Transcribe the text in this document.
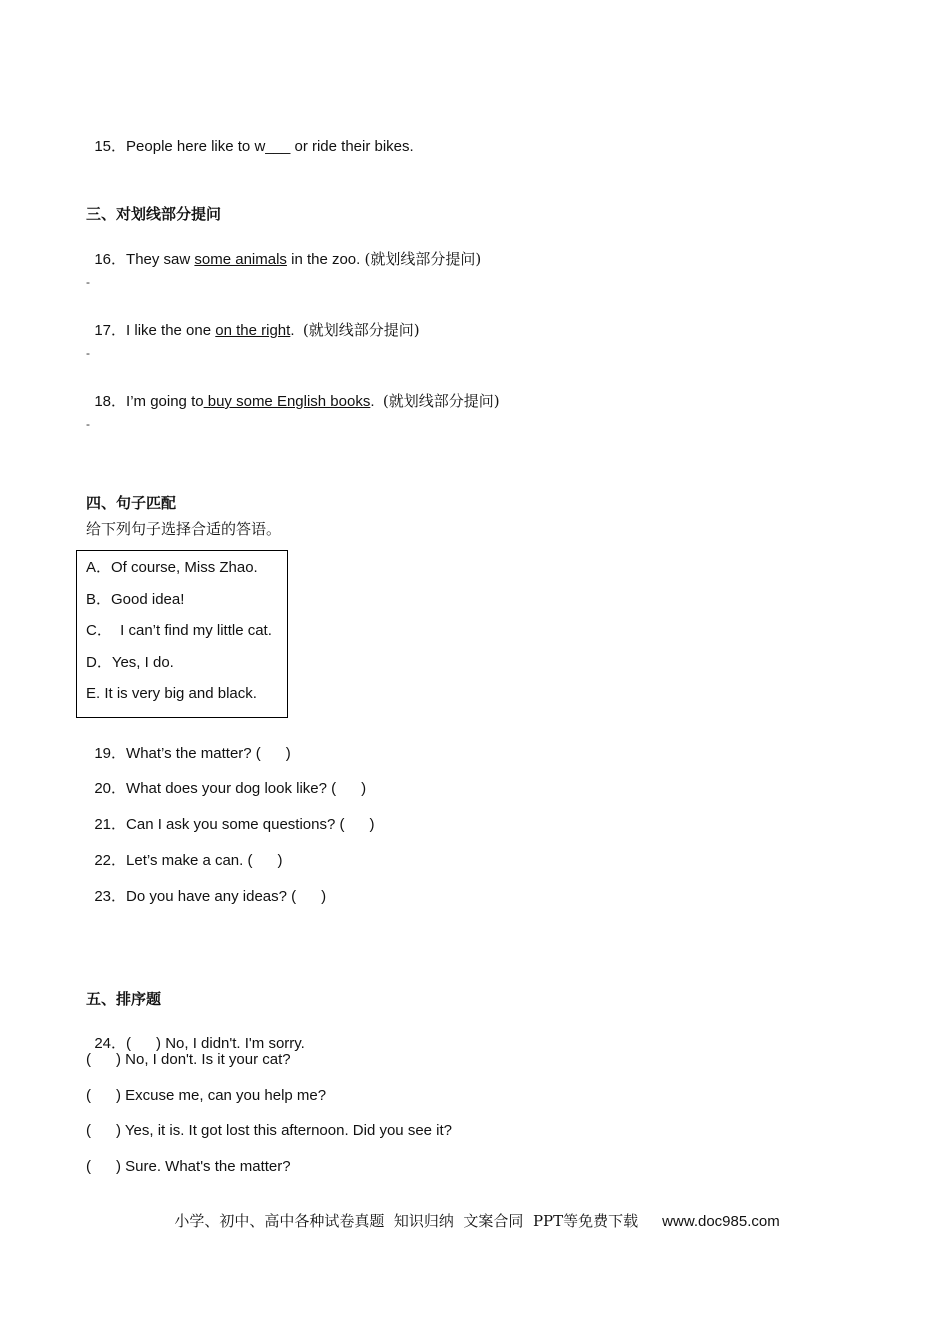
15．People here like to w___ or ride their bikes.

三、对划线部分提问

16．They saw some animals in the zoo. (就划线部分提问)

-

17．I like the one on the right.  (就划线部分提问)

-

18．I’m going to buy some English books.  (就划线部分提问)

-
四、句子匹配
给下列句子选择合适的答语。
A．Of course, Miss Zhao.
B．Good idea!
C．  I can’t find my little cat.
D．Yes, I do.
E. It is very big and black.

19．What’s the matter? (      )

20．What does your dog look like? (      )

21．Can I ask you some questions? (      )

22．Let’s make a can. (      )

23．Do you have any ideas? (      )

五、排序题

24．(      ) No, I didn't. I'm sorry.

(      ) No, I don't. Is it your cat?
(      ) Excuse me, can you help me?
(      ) Yes, it is. It got lost this afternoon. Did you see it?
(      ) Sure. What's the matter?

小学、初中、高中各种试卷真题  知识归纳  文案合同  PPT等免费下载 www.doc985.com
